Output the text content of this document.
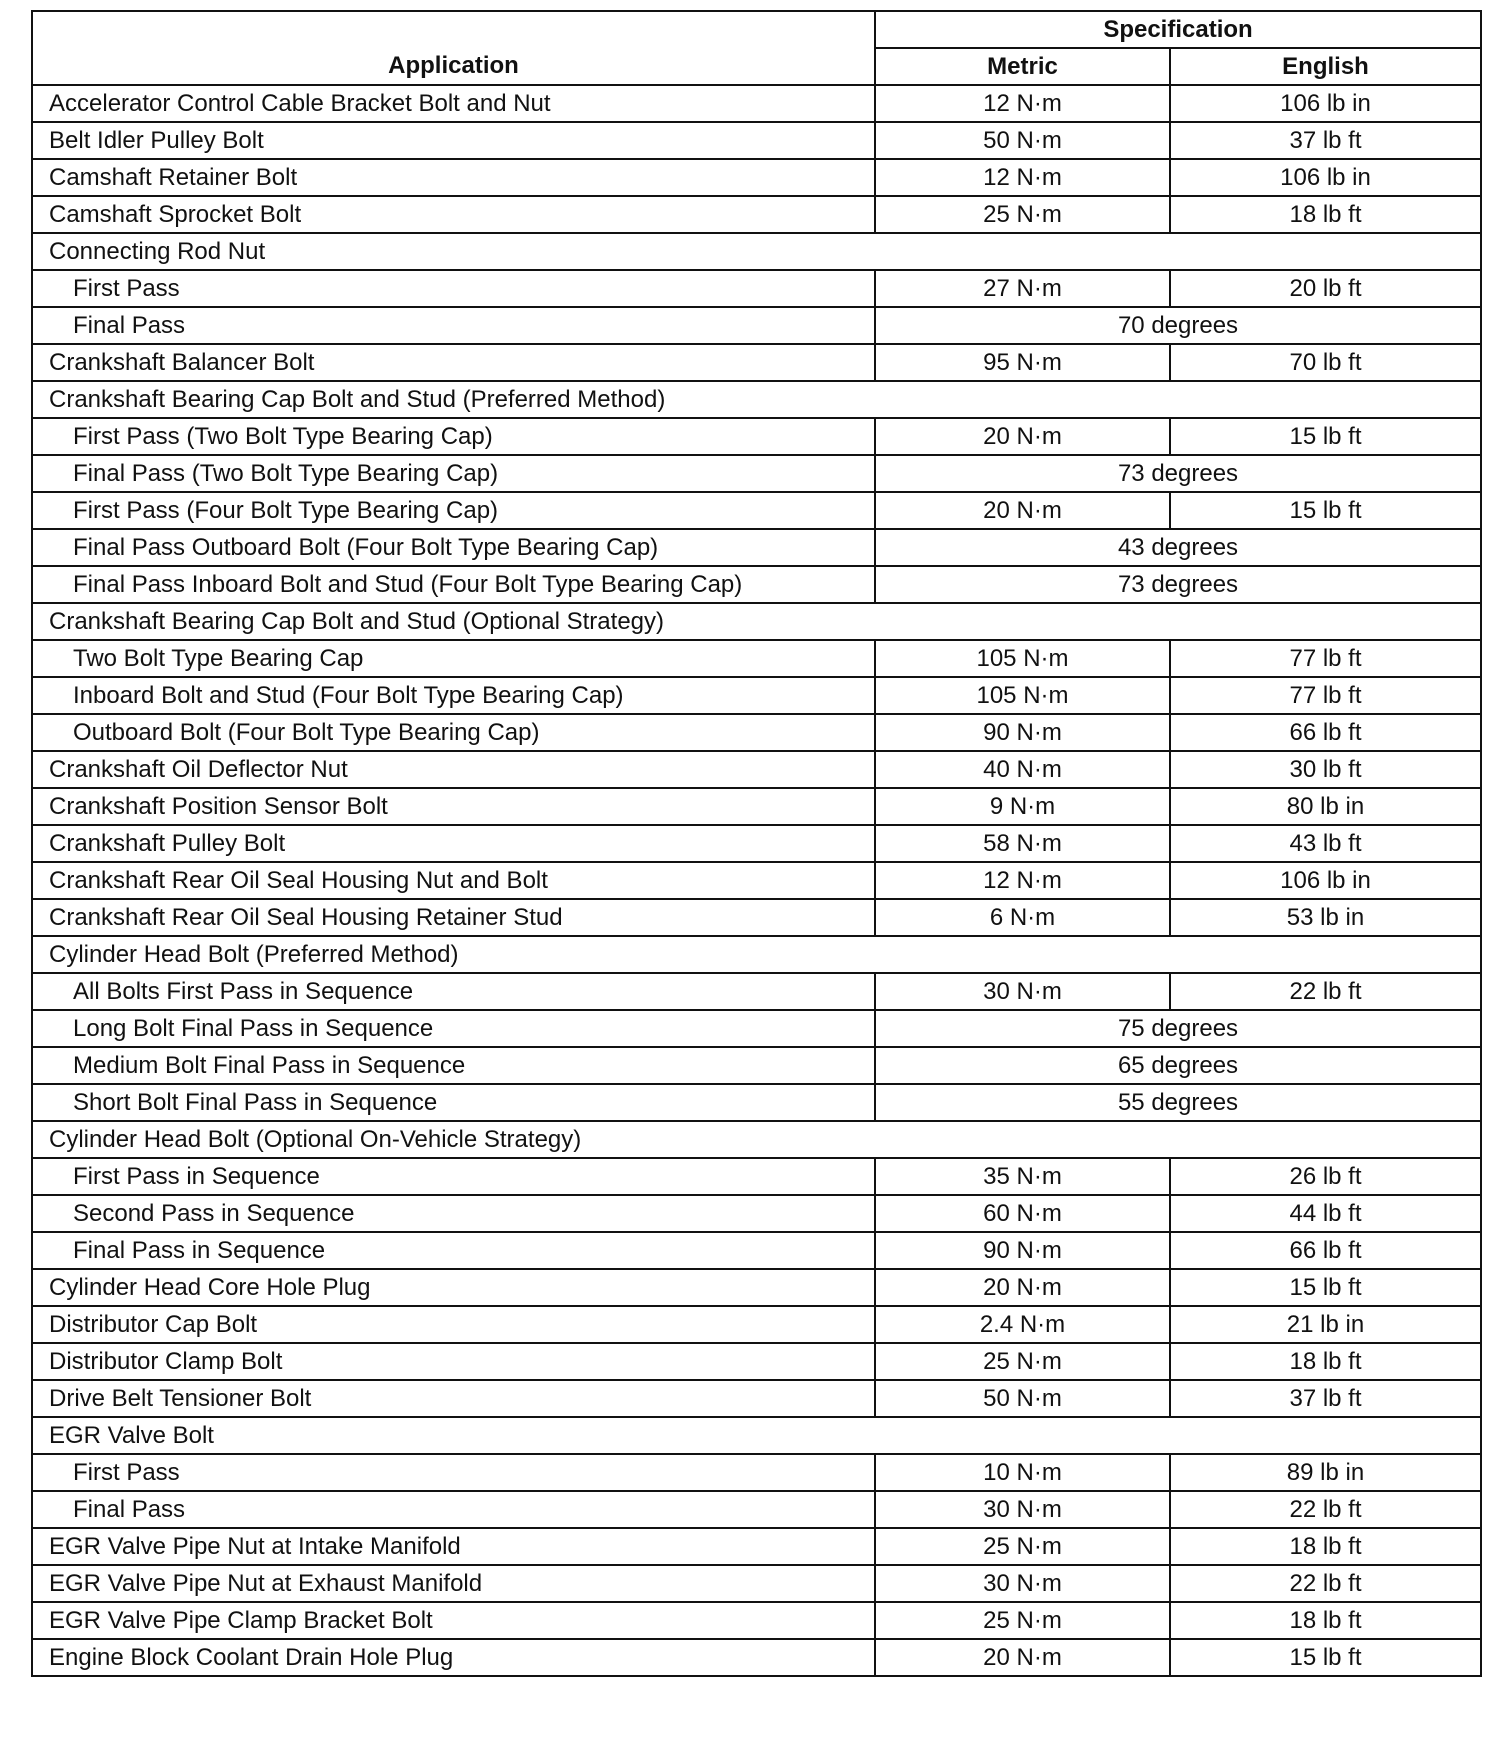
Application	Specification	
	Metric	English
Accelerator Control Cable Bracket Bolt and Nut	12 N·m	106 lb in
Belt Idler Pulley Bolt	50 N·m	37 lb ft
Camshaft Retainer Bolt	12 N·m	106 lb in
Camshaft Sprocket Bolt	25 N·m	18 lb ft
Connecting Rod Nut		
First Pass	27 N·m	20 lb ft
Final Pass	70 degrees	
Crankshaft Balancer Bolt	95 N·m	70 lb ft
Crankshaft Bearing Cap Bolt and Stud (Preferred Method)		
First Pass (Two Bolt Type Bearing Cap)	20 N·m	15 lb ft
Final Pass (Two Bolt Type Bearing Cap)	73 degrees	
First Pass (Four Bolt Type Bearing Cap)	20 N·m	15 lb ft
Final Pass Outboard Bolt (Four Bolt Type Bearing Cap)	43 degrees	
Final Pass Inboard Bolt and Stud (Four Bolt Type Bearing Cap)	73 degrees	
Crankshaft Bearing Cap Bolt and Stud (Optional Strategy)		
Two Bolt Type Bearing Cap	105 N·m	77 lb ft
Inboard Bolt and Stud (Four Bolt Type Bearing Cap)	105 N·m	77 lb ft
Outboard Bolt (Four Bolt Type Bearing Cap)	90 N·m	66 lb ft
Crankshaft Oil Deflector Nut	40 N·m	30 lb ft
Crankshaft Position Sensor Bolt	9 N·m	80 lb in
Crankshaft Pulley Bolt	58 N·m	43 lb ft
Crankshaft Rear Oil Seal Housing Nut and Bolt	12 N·m	106 lb in
Crankshaft Rear Oil Seal Housing Retainer Stud	6 N·m	53 lb in
Cylinder Head Bolt (Preferred Method)		
All Bolts First Pass in Sequence	30 N·m	22 lb ft
Long Bolt Final Pass in Sequence	75 degrees	
Medium Bolt Final Pass in Sequence	65 degrees	
Short Bolt Final Pass in Sequence	55 degrees	
Cylinder Head Bolt (Optional On-Vehicle Strategy)		
First Pass in Sequence	35 N·m	26 lb ft
Second Pass in Sequence	60 N·m	44 lb ft
Final Pass in Sequence	90 N·m	66 lb ft
Cylinder Head Core Hole Plug	20 N·m	15 lb ft
Distributor Cap Bolt	2.4 N·m	21 lb in
Distributor Clamp Bolt	25 N·m	18 lb ft
Drive Belt Tensioner Bolt	50 N·m	37 lb ft
EGR Valve Bolt		
First Pass	10 N·m	89 lb in
Final Pass	30 N·m	22 lb ft
EGR Valve Pipe Nut at Intake Manifold	25 N·m	18 lb ft
EGR Valve Pipe Nut at Exhaust Manifold	30 N·m	22 lb ft
EGR Valve Pipe Clamp Bracket Bolt	25 N·m	18 lb ft
Engine Block Coolant Drain Hole Plug	20 N·m	15 lb ft
